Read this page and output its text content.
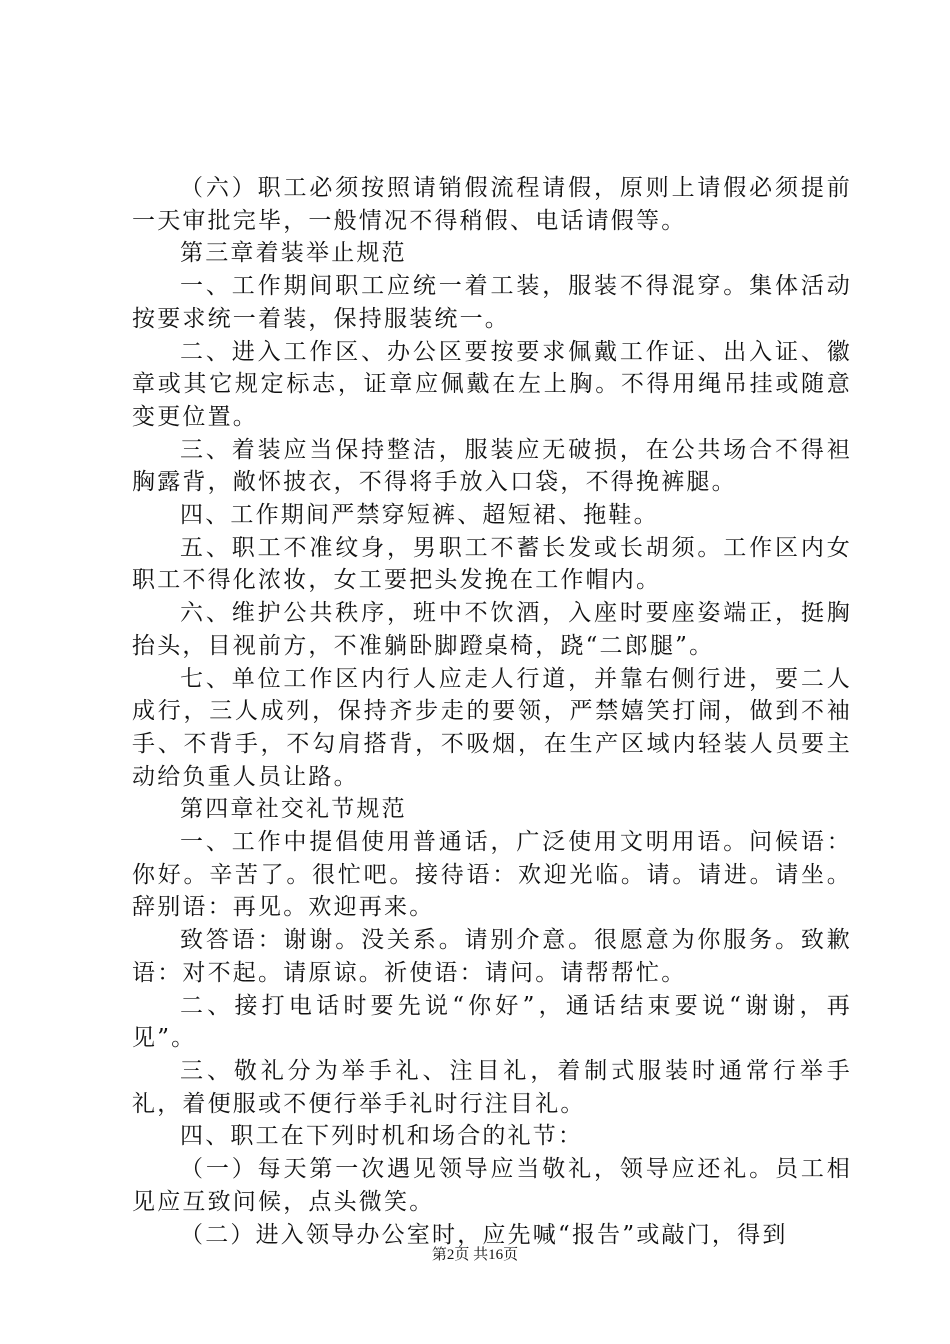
（六）职工必须按照请销假流程请假，原则上请假必须提前一天审批完毕，一般情况不得稍假、电话请假等。

第三章着装举止规范

一、工作期间职工应统一着工装，服装不得混穿。集体活动按要求统一着装，保持服装统一。

二、进入工作区、办公区要按要求佩戴工作证、出入证、徽章或其它规定标志，证章应佩戴在左上胸。不得用绳吊挂或随意变更位置。

三、着装应当保持整洁，服装应无破损，在公共场合不得袒胸露背，敞怀披衣，不得将手放入口袋，不得挽裤腿。

四、工作期间严禁穿短裤、超短裙、拖鞋。

五、职工不准纹身，男职工不蓄长发或长胡须。工作区内女职工不得化浓妆，女工要把头发挽在工作帽内。

六、维护公共秩序，班中不饮酒，入座时要座姿端正，挺胸抬头，目视前方，不准躺卧脚蹬桌椅，跷“二郎腿”。

七、单位工作区内行人应走人行道，并靠右侧行进，要二人成行，三人成列，保持齐步走的要领，严禁嬉笑打闹，做到不袖手、不背手，不勾肩搭背，不吸烟，在生产区域内轻装人员要主动给负重人员让路。

第四章社交礼节规范

一、工作中提倡使用普通话，广泛使用文明用语。问候语：你好。辛苦了。很忙吧。接待语：欢迎光临。请。请进。请坐。辞别语：再见。欢迎再来。

致答语：谢谢。没关系。请别介意。很愿意为你服务。致歉语：对不起。请原谅。祈使语：请问。请帮帮忙。

二、接打电话时要先说“你好”，通话结束要说“谢谢，再见”。

三、敬礼分为举手礼、注目礼，着制式服装时通常行举手礼，着便服或不便行举手礼时行注目礼。

四、职工在下列时机和场合的礼节：

（一）每天第一次遇见领导应当敬礼，领导应还礼。员工相见应互致问候，点头微笑。

（二）进入领导办公室时，应先喊“报告”或敲门，得到

第2页 共16页
